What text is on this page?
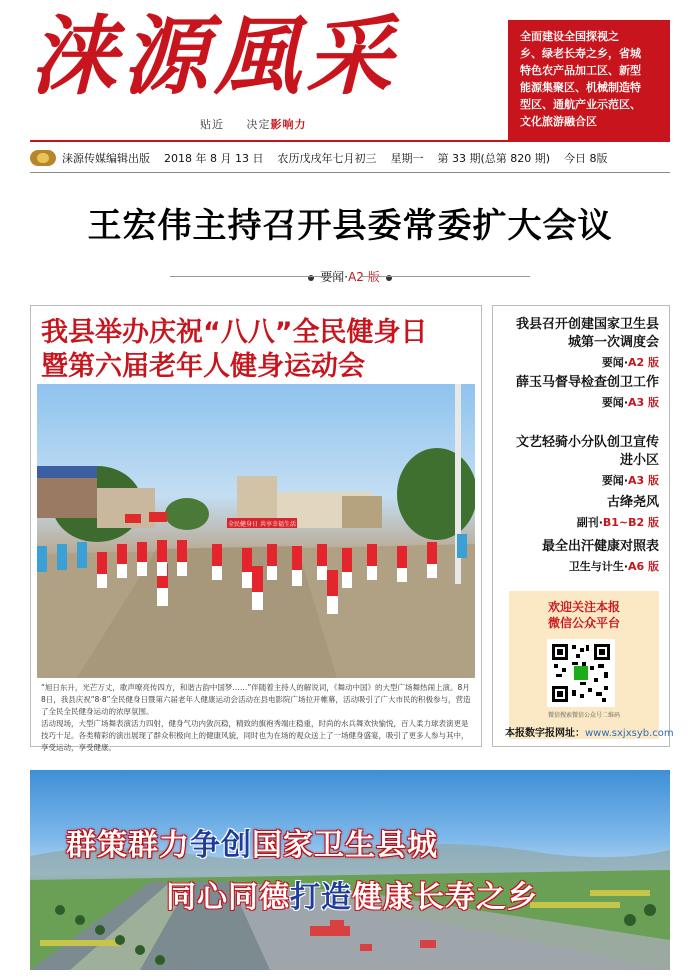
涞源風采
贴近 决定影响力
全面建设全国探视之
乡、绿老长寿之乡，省城
特色农产品加工区、新型
能源集聚区、机械制造特
型区、通航产业示范区、
文化旅游融合区
涞源传媒编辑出版 2018 年 8 月 13 日 农历戊戌年七月初三 星期一 第 33 期(总第 820 期) 今日 8版
王宏伟主持召开县委常委扩大会议
要闻·A2 版
我县举办庆祝“八八”全民健身日
暨第六届老年人健身运动会
全民健身日 共享幸福生活

“旭日东升，光芒万丈，歌声嘹亮传四方，和谐古韵中国梦……”伴随着主持人的解说词，《舞动中国》的大型广场舞热闹上演。8月8日，我县庆祝“8·8”全民健身日暨第六届老年人健康运动会活动在县电影院广场拉开帷幕，活动吸引了广大市民的积极参与，营造了全民全民健身运动的浓厚氛围。

活动现场，大型广场舞表演活力四射，健身气功内敛沉稳，精致的旗袍秀端庄稳重，时尚的水兵舞欢快愉悦，百人柔力球表演更是技巧十足。各类精彩的演出展现了群众积极向上的健康风貌，同时也为在场的观众送上了一场健身盛宴，吸引了更多人参与其中，享受运动，享受健康。

我县召开创建国家卫生县城第一次调度会
要闻·A2 版
薛玉马督导检查创卫工作
要闻·A3 版
文艺轻骑小分队创卫宣传进小区
要闻·A3 版
古绛尧风
副刊·B1~B2 版
最全出汗健康对照表
卫生与计生·A6 版
欢迎关注本报
微信公众平台
微信搜索微信公众号二维码
本报数字报网址：www.sxjxsyb.com
群策群力争创国家卫生县城
同心同德打造健康长寿之乡
